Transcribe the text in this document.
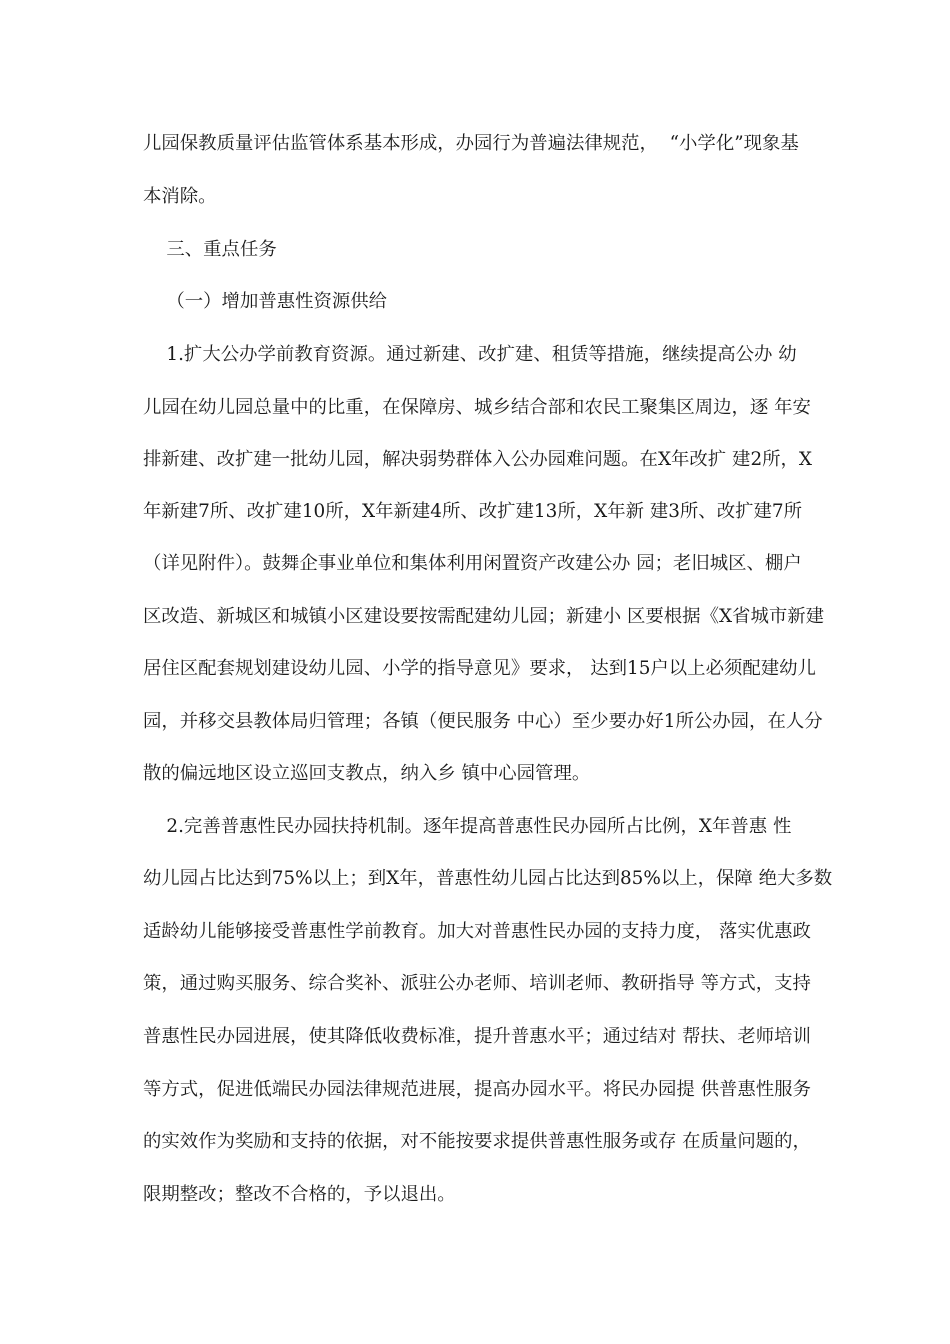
儿园保教质量评估监管体系基本形成，办园行为普遍法律规范，  “小学化”现象基
本消除。
三、重点任务
（一）增加普惠性资源供给
1.扩大公办学前教育资源。通过新建、改扩建、租赁等措施，继续提高公办 幼
儿园在幼儿园总量中的比重，在保障房、城乡结合部和农民工聚集区周边，逐 年安
排新建、改扩建一批幼儿园，解决弱势群体入公办园难问题。在X年改扩 建2所，X
年新建7所、改扩建10所，X年新建4所、改扩建13所，X年新 建3所、改扩建7所
（详见附件）。鼓舞企事业单位和集体利用闲置资产改建公办 园；老旧城区、棚户
区改造、新城区和城镇小区建设要按需配建幼儿园；新建小 区要根据《X省城市新建
居住区配套规划建设幼儿园、小学的指导意见》要求， 达到15户以上必须配建幼儿
园，并移交县教体局归管理；各镇（便民服务 中心）至少要办好1所公办园，在人分
散的偏远地区设立巡回支教点，纳入乡 镇中心园管理。
2.完善普惠性民办园扶持机制。逐年提高普惠性民办园所占比例，X年普惠 性
幼儿园占比达到75%以上；到X年，普惠性幼儿园占比达到85%以上，保障 绝大多数
适龄幼儿能够接受普惠性学前教育。加大对普惠性民办园的支持力度， 落实优惠政
策，通过购买服务、综合奖补、派驻公办老师、培训老师、教研指导 等方式，支持
普惠性民办园进展，使其降低收费标准，提升普惠水平；通过结对 帮扶、老师培训
等方式，促进低端民办园法律规范进展，提高办园水平。将民办园提 供普惠性服务
的实效作为奖励和支持的依据，对不能按要求提供普惠性服务或存 在质量问题的，
限期整改；整改不合格的，予以退出。
